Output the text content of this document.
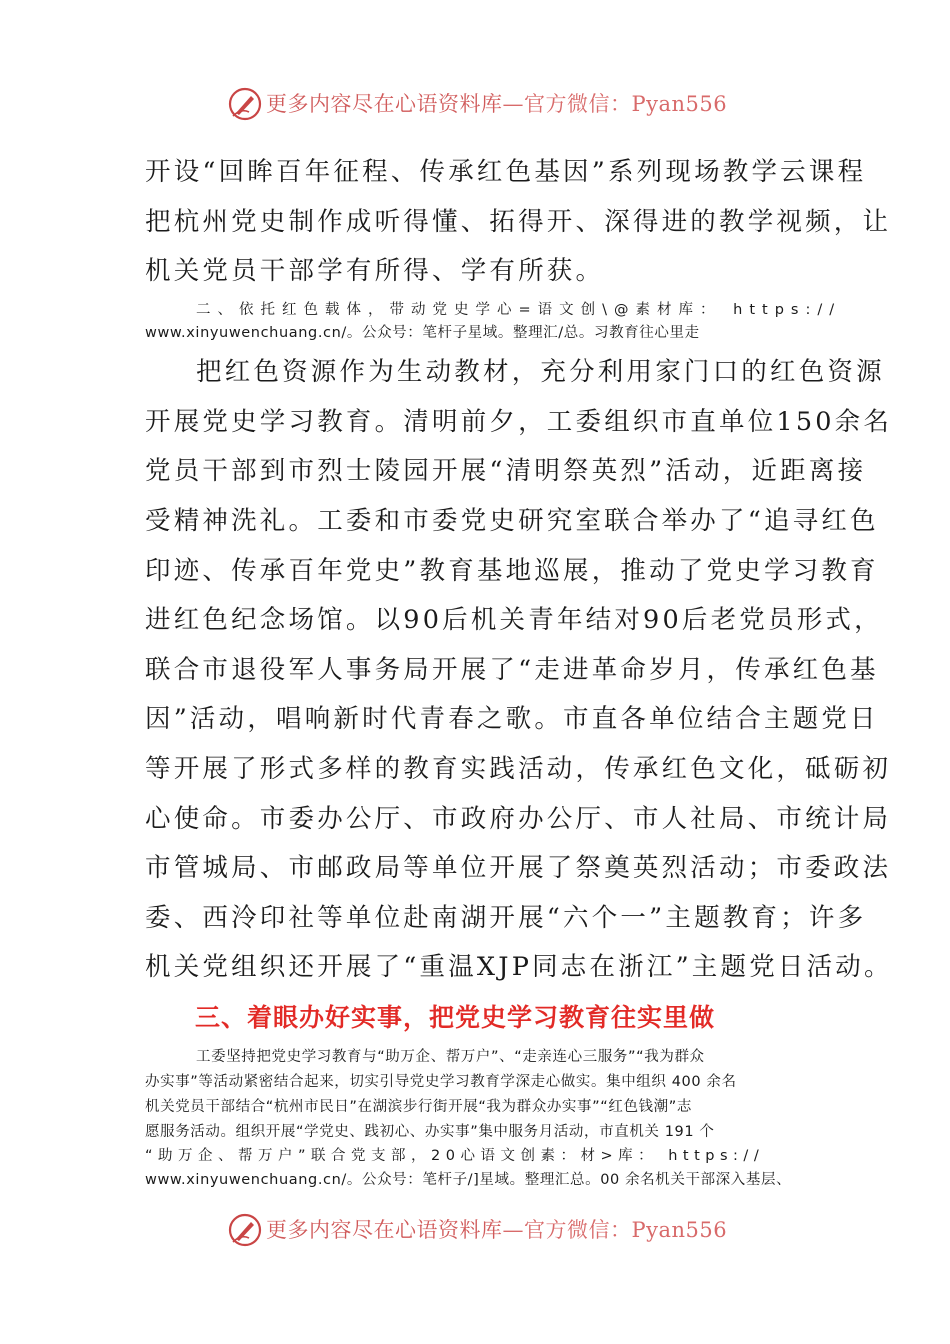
更多内容尽在心语资料库—官方微信：Pyan556
开设“回眸百年征程、传承红色基因”系列现场教学云课程
把杭州党史制作成听得懂、拓得开、深得进的教学视频，让
机关党员干部学有所得、学有所获。
二、依托红色载体，带动党史学心=语文创\@素材库： https://
www.xinyuwenchuang.cn/。公众号：笔杆子星域。整理汇/总。习教育往心里走
把红色资源作为生动教材，充分利用家门口的红色资源
开展党史学习教育。清明前夕，工委组织市直单位150余名
党员干部到市烈士陵园开展“清明祭英烈”活动，近距离接
受精神洗礼。工委和市委党史研究室联合举办了“追寻红色
印迹、传承百年党史”教育基地巡展，推动了党史学习教育
进红色纪念场馆。以90后机关青年结对90后老党员形式，
联合市退役军人事务局开展了“走进革命岁月，传承红色基
因”活动，唱响新时代青春之歌。市直各单位结合主题党日
等开展了形式多样的教育实践活动，传承红色文化，砥砺初
心使命。市委办公厅、市政府办公厅、市人社局、市统计局
市管城局、市邮政局等单位开展了祭奠英烈活动；市委政法
委、西泠印社等单位赴南湖开展“六个一”主题教育；许多
机关党组织还开展了“重温XJP同志在浙江”主题党日活动。
三、着眼办好实事，把党史学习教育往实里做
工委坚持把党史学习教育与“助万企、帮万户”、“走亲连心三服务”“我为群众
办实事”等活动紧密结合起来，切实引导党史学习教育学深走心做实。集中组织 400 余名
机关党员干部结合“杭州市民日”在湖滨步行街开展“我为群众办实事”“红色钱潮”志
愿服务活动。组织开展“学党史、践初心、办实事”集中服务月活动，市直机关 191 个
“助万企、帮万户”联合党支部，20心语文创素：材>库： https://
www.xinyuwenchuang.cn/。公众号：笔杆子/]星域。整理汇总。00 余名机关干部深入基层、
更多内容尽在心语资料库—官方微信：Pyan556
